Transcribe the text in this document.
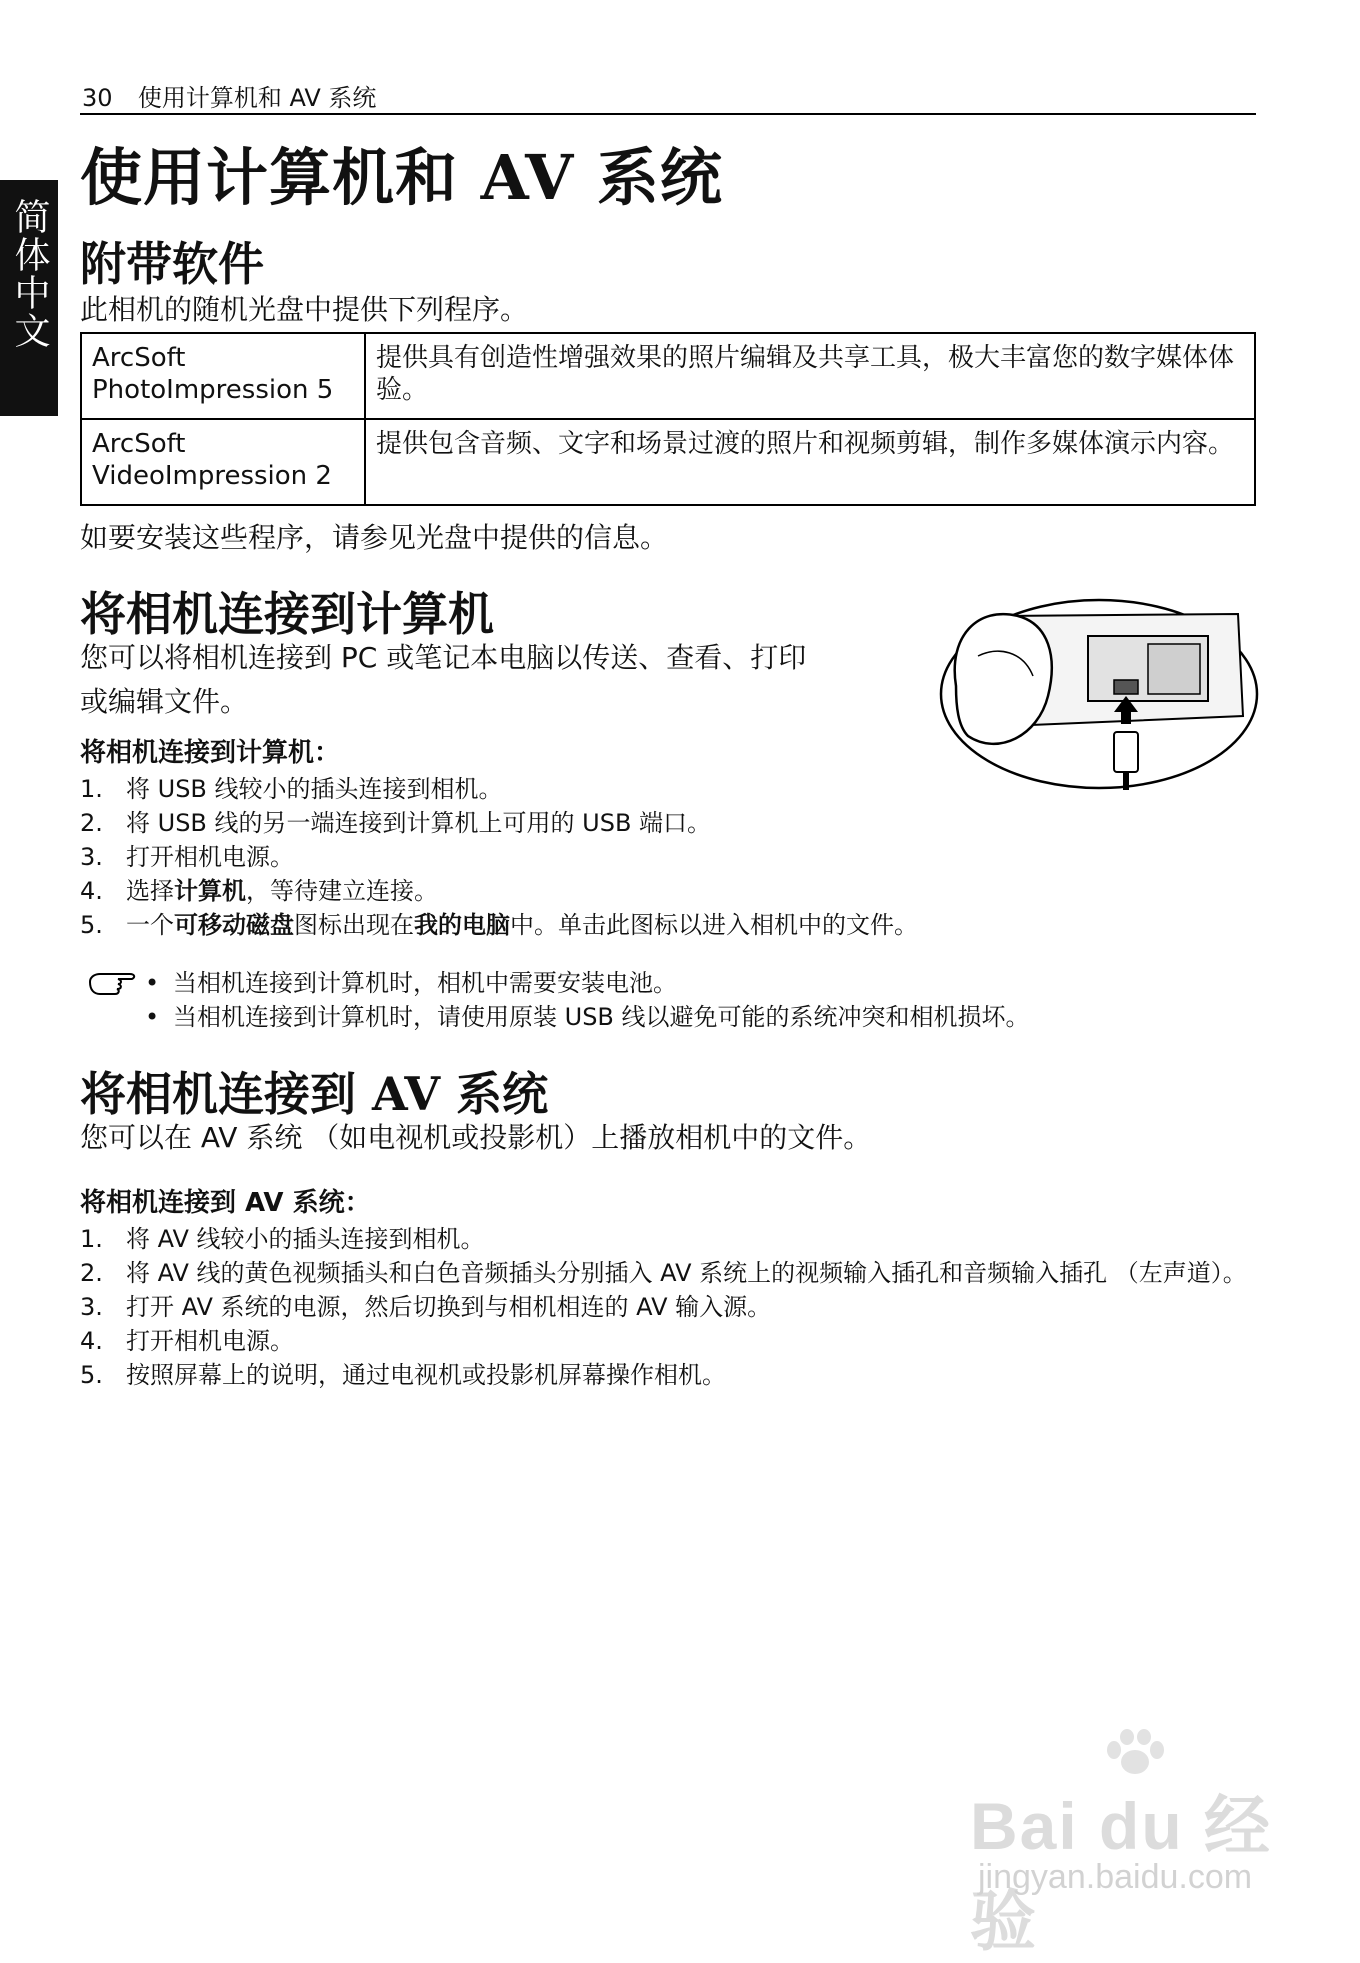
30 使用计算机和 AV 系统
简体中文
使用计算机和 AV 系统
附带软件

此相机的随机光盘中提供下列程序。

ArcSoft
PhotoImpression 5	提供具有创造性增强效果的照片编辑及共享工具，极大丰富您的数字媒体体验。

ArcSoft
VideoImpression 2	提供包含音频、文字和场景过渡的照片和视频剪辑，制作多媒体演示内容。

如要安装这些程序，请参见光盘中提供的信息。

将相机连接到计算机

您可以将相机连接到 PC 或笔记本电脑以传送、查看、打印

或编辑文件。

将相机连接到计算机：

1. 将 USB 线较小的插头连接到相机。
2. 将 USB 线的另一端连接到计算机上可用的 USB 端口。
3. 打开相机电源。
4. 选择计算机，等待建立连接。
5. 一个可移动磁盘图标出现在我的电脑中。单击此图标以进入相机中的文件。
• 当相机连接到计算机时，相机中需要安装电池。
• 当相机连接到计算机时，请使用原装 USB 线以避免可能的系统冲突和相机损坏。
将相机连接到 AV 系统

您可以在 AV 系统 （如电视机或投影机）上播放相机中的文件。

将相机连接到 AV 系统：

1. 将 AV 线较小的插头连接到相机。
2. 将 AV 线的黄色视频插头和白色音频插头分别插入 AV 系统上的视频输入插孔和音频输入插孔 （左声道）。
3. 打开 AV 系统的电源，然后切换到与相机相连的 AV 输入源。
4. 打开相机电源。
5. 按照屏幕上的说明，通过电视机或投影机屏幕操作相机。
Bai du 经验
jingyan.baidu.com
